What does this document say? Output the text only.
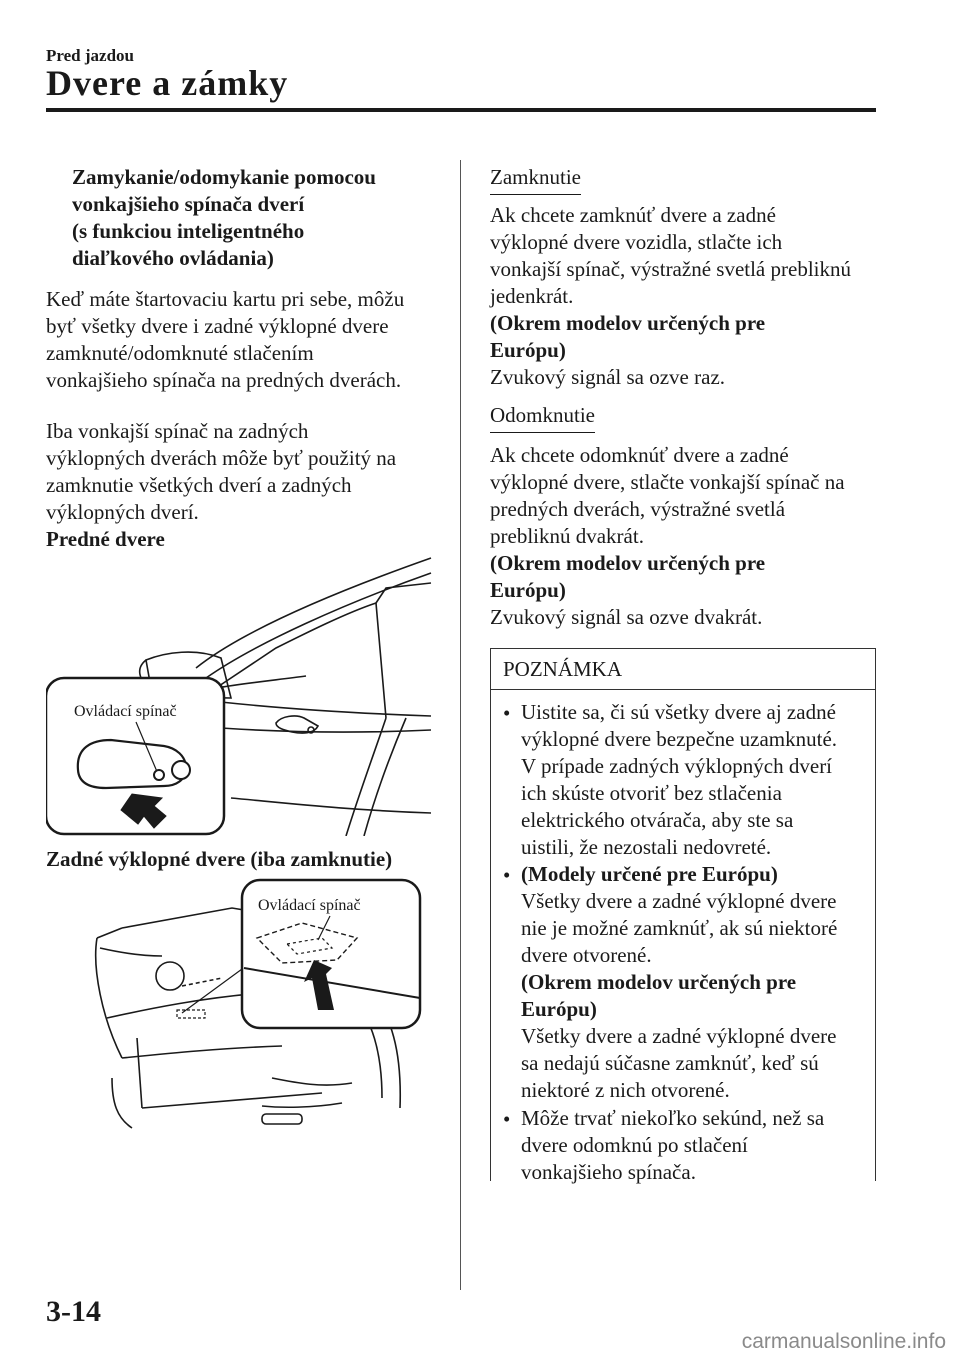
Pred jazdou
Dvere a zámky
Zamykanie/odomykanie pomocou
vonkajšieho spínača dverí
(s funkciou inteligentného
diaľkového ovládania)
Keď máte štartovaciu kartu pri sebe, môžu
byť všetky dvere i zadné výklopné dvere
zamknuté/odomknuté stlačením
vonkajšieho spínača na predných dverách.
Iba vonkajší spínač na zadných
výklopných dverách môže byť použitý na
zamknutie všetkých dverí a zadných
výklopných dverí.
Predné dvere
Ovládací spínač
Zadné výklopné dvere (iba zamknutie)
Ovládací spínač
Zamknutie
Ak chcete zamknúť dvere a zadné
výklopné dvere vozidla, stlačte ich
vonkajší spínač, výstražné svetlá prebliknú
jedenkrát.
(Okrem modelov určených pre
Európu)
Zvukový signál sa ozve raz.
Odomknutie
Ak chcete odomknúť dvere a zadné
výklopné dvere, stlačte vonkajší spínač na
predných dverách, výstražné svetlá
prebliknú dvakrát.
(Okrem modelov určených pre
Európu)
Zvukový signál sa ozve dvakrát.
POZNÁMKA
• Uistite sa, či sú všetky dvere aj zadné
výklopné dvere bezpečne uzamknuté.
V prípade zadných výklopných dverí
ich skúste otvoriť bez stlačenia
elektrického otvárača, aby ste sa
uistili, že nezostali nedovreté.
• (Modely určené pre Európu)
Všetky dvere a zadné výklopné dvere
nie je možné zamknúť, ak sú niektoré
dvere otvorené.
(Okrem modelov určených pre
Európu)
Všetky dvere a zadné výklopné dvere
sa nedajú súčasne zamknúť, keď sú
niektoré z nich otvorené.
• Môže trvať niekoľko sekúnd, než sa
dvere odomknú po stlačení
vonkajšieho spínača.
3-14
carmanualsonline.info
